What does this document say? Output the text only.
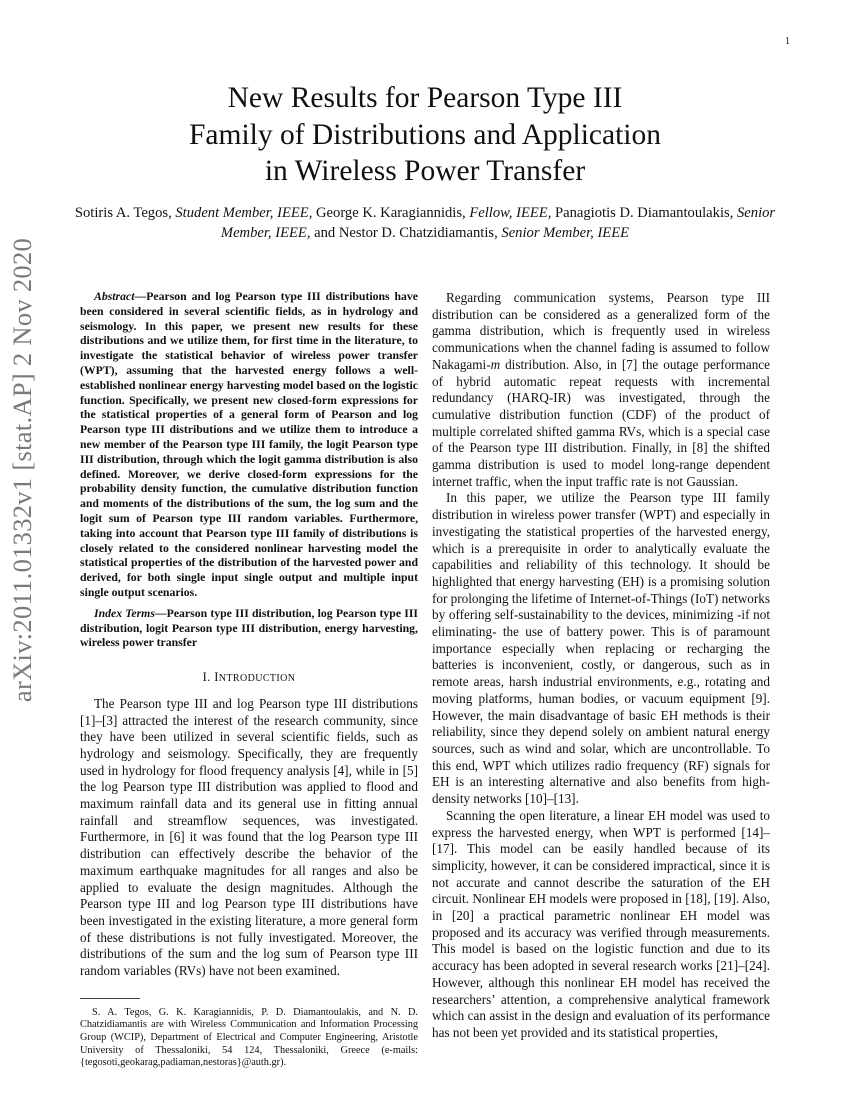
1
arXiv:2011.01332v1 [stat.AP] 2 Nov 2020
New Results for Pearson Type III
Family of Distributions and Application
in Wireless Power Transfer

Sotiris A. Tegos, Student Member, IEEE, George K. Karagiannidis, Fellow, IEEE, Panagiotis D. Diamantoulakis, Senior Member, IEEE, and Nestor D. Chatzidiamantis, Senior Member, IEEE

Abstract—Pearson and log Pearson type III distributions have been considered in several scientific fields, as in hydrology and seismology. In this paper, we present new results for these distributions and we utilize them, for first time in the literature, to investigate the statistical behavior of wireless power transfer (WPT), assuming that the harvested energy follows a well-established nonlinear energy harvesting model based on the logistic function. Specifically, we present new closed-form expressions for the statistical properties of a general form of Pearson and log Pearson type III distributions and we utilize them to introduce a new member of the Pearson type III family, the logit Pearson type III distribution, through which the logit gamma distribution is also defined. Moreover, we derive closed-form expressions for the probability density function, the cumulative distribution function and moments of the distributions of the sum, the log sum and the logit sum of Pearson type III random variables. Furthermore, taking into account that Pearson type III family of distributions is closely related to the considered nonlinear harvesting model the statistical properties of the distribution of the harvested power and derived, for both single input single output and multiple input single output scenarios.

Index Terms—Pearson type III distribution, log Pearson type III distribution, logit Pearson type III distribution, energy harvesting, wireless power transfer

I. INTRODUCTION

The Pearson type III and log Pearson type III distributions [1]–[3] attracted the interest of the research community, since they have been utilized in several scientific fields, such as hydrology and seismology. Specifically, they are frequently used in hydrology for flood frequency analysis [4], while in [5] the log Pearson type III distribution was applied to flood and maximum rainfall data and its general use in fitting annual rainfall and streamflow sequences, was investigated. Furthermore, in [6] it was found that the log Pearson type III distribution can effectively describe the behavior of the maximum earthquake magnitudes for all ranges and also be applied to evaluate the design magnitudes. Although the Pearson type III and log Pearson type III distributions have been investigated in the existing literature, a more general form of these distributions is not fully investigated. Moreover, the distributions of the sum and the log sum of Pearson type III random variables (RVs) have not been examined.

S. A. Tegos, G. K. Karagiannidis, P. D. Diamantoulakis, and N. D. Chatzidiamantis are with Wireless Communication and Information Processing Group (WCIP), Department of Electrical and Computer Engineering, Aristotle University of Thessaloniki, 54 124, Thessaloniki, Greece (e-mails: {tegosoti,geokarag,padiaman,nestoras}@auth.gr).

Regarding communication systems, Pearson type III distribution can be considered as a generalized form of the gamma distribution, which is frequently used in wireless communications when the channel fading is assumed to follow Nakagami-m distribution. Also, in [7] the outage performance of hybrid automatic repeat requests with incremental redundancy (HARQ-IR) was investigated, through the cumulative distribution function (CDF) of the product of multiple correlated shifted gamma RVs, which is a special case of the Pearson type III distribution. Finally, in [8] the shifted gamma distribution is used to model long-range dependent internet traffic, when the input traffic rate is not Gaussian.

In this paper, we utilize the Pearson type III family distribution in wireless power transfer (WPT) and especially in investigating the statistical properties of the harvested energy, which is a prerequisite in order to analytically evaluate the capabilities and reliability of this technology. It should be highlighted that energy harvesting (EH) is a promising solution for prolonging the lifetime of Internet-of-Things (IoT) networks by offering self-sustainability to the devices, minimizing -if not eliminating- the use of battery power. This is of paramount importance especially when replacing or recharging the batteries is inconvenient, costly, or dangerous, such as in remote areas, harsh industrial environments, e.g., rotating and moving platforms, human bodies, or vacuum equipment [9]. However, the main disadvantage of basic EH methods is their reliability, since they depend solely on ambient natural energy sources, such as wind and solar, which are uncontrollable. To this end, WPT which utilizes radio frequency (RF) signals for EH is an interesting alternative and also benefits from high-density networks [10]–[13].

Scanning the open literature, a linear EH model was used to express the harvested energy, when WPT is performed [14]–[17]. This model can be easily handled because of its simplicity, however, it can be considered impractical, since it is not accurate and cannot describe the saturation of the EH circuit. Nonlinear EH models were proposed in [18], [19]. Also, in [20] a practical parametric nonlinear EH model was proposed and its accuracy was verified through measurements. This model is based on the logistic function and due to its accuracy has been adopted in several research works [21]–[24]. However, although this nonlinear EH model has received the researchers’ attention, a comprehensive analytical framework which can assist in the design and evaluation of its performance has not been yet provided and its statistical properties,
